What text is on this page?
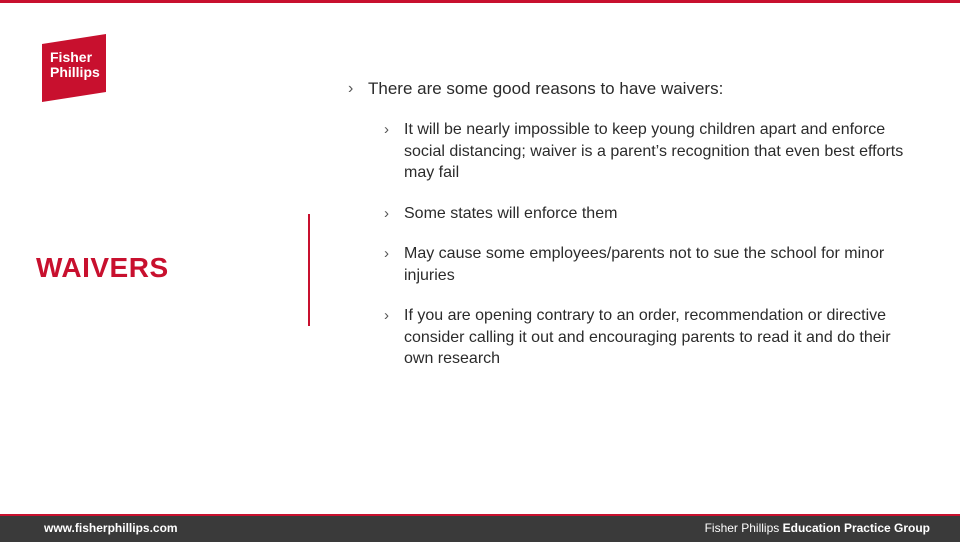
Fisher
Phillips
WAIVERS
› There are some good reasons to have waivers:
› It will be nearly impossible to keep young children apart and enforce social distancing; waiver is a parent’s recognition that even best efforts may fail
› Some states will enforce them
› May cause some employees/parents not to sue the school for minor injuries
› If you are opening contrary to an order, recommendation or directive consider calling it out and encouraging parents to read it and do their own research
www.fisherphillips.com	Fisher Phillips Education Practice Group
